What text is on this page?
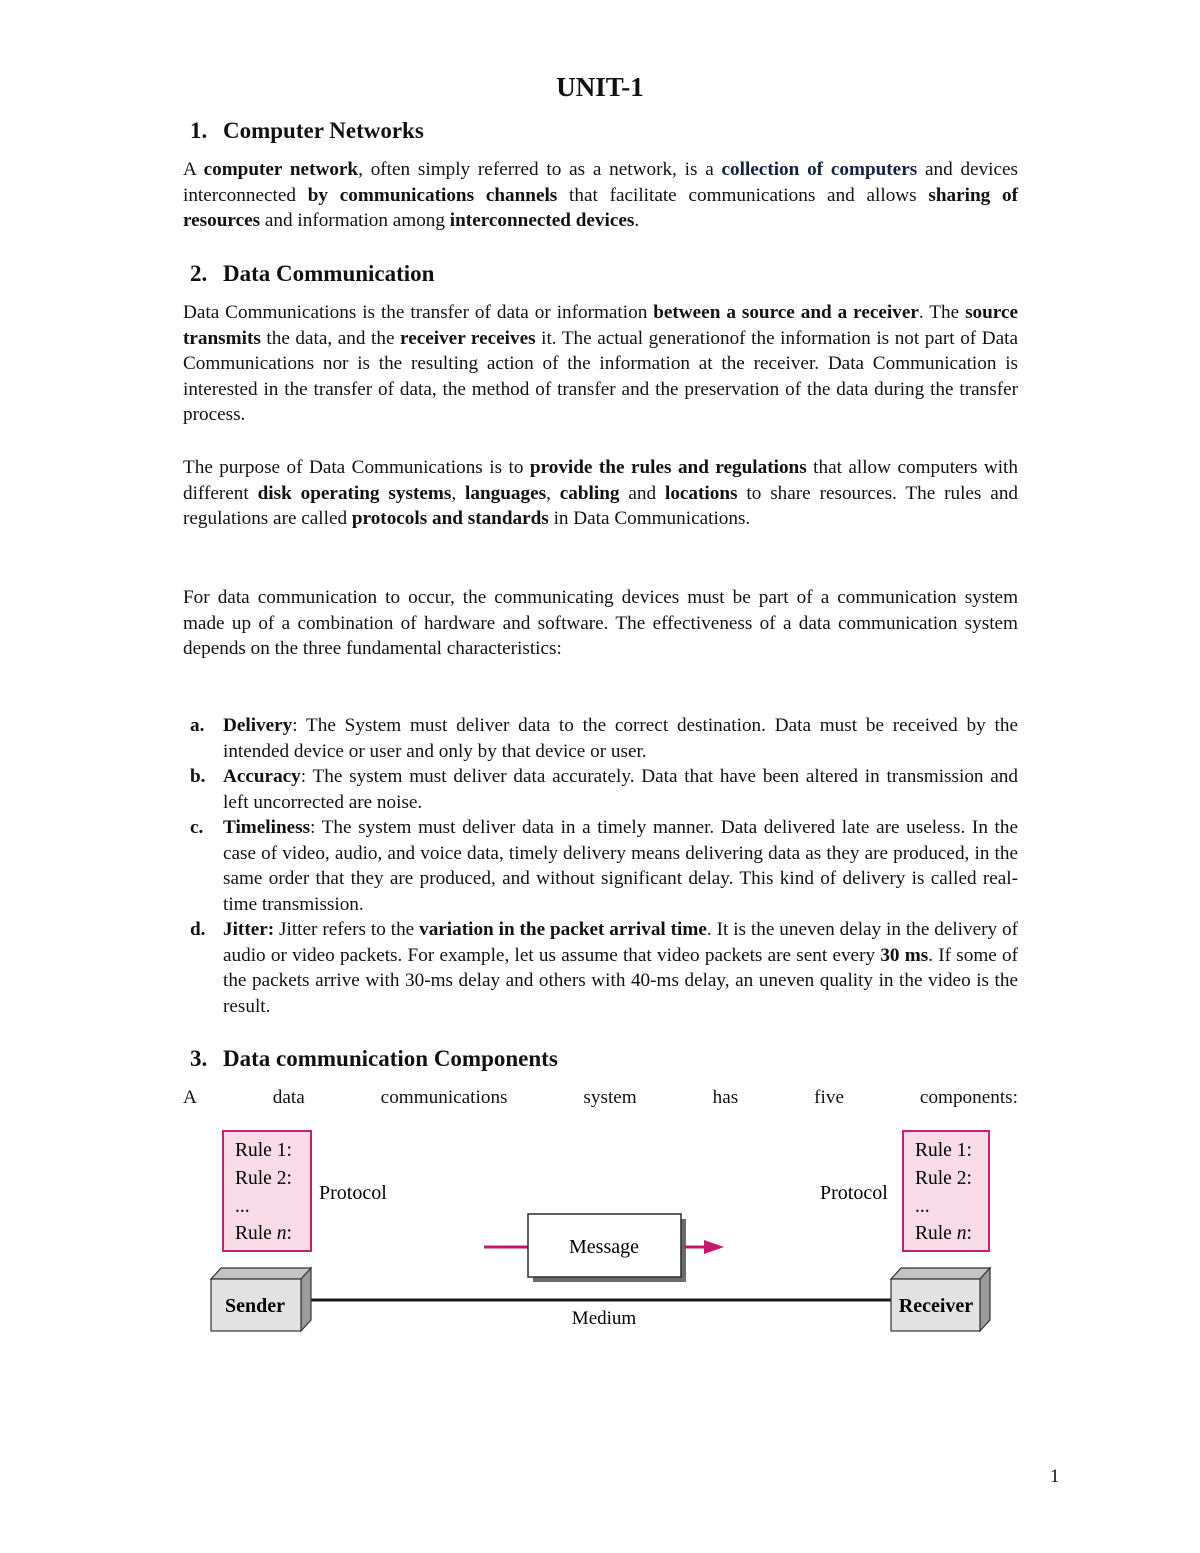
UNIT-1
1. Computer Networks
A computer network, often simply referred to as a network, is a collection of computers and devices interconnected by communications channels that facilitate communications and allows sharing of resources and information among interconnected devices.
2. Data Communication
Data Communications is the transfer of data or information between a source and a receiver. The source transmits the data, and the receiver receives it. The actual generationof the information is not part of Data Communications nor is the resulting action of the information at the receiver. Data Communication is interested in the transfer of data, the method of transfer and the preservation of the data during the transfer process.
The purpose of Data Communications is to provide the rules and regulations that allow computers with different disk operating systems, languages, cabling and locations to share resources. The rules and regulations are called protocols and standards in Data Communications.
For data communication to occur, the communicating devices must be part of a communication system made up of a combination of hardware and software. The effectiveness of a data communication system depends on the three fundamental characteristics:
a. Delivery: The System must deliver data to the correct destination. Data must be received by the intended device or user and only by that device or user.
b. Accuracy: The system must deliver data accurately. Data that have been altered in transmission and left uncorrected are noise.
c. Timeliness: The system must deliver data in a timely manner. Data delivered late are useless. In the case of video, audio, and voice data, timely delivery means delivering data as they are produced, in the same order that they are produced, and without significant delay. This kind of delivery is called real-time transmission.
d. Jitter: Jitter refers to the variation in the packet arrival time. It is the uneven delay in the delivery of audio or video packets. For example, let us assume that video packets are sent every 30 ms. If some of the packets arrive with 30-ms delay and others with 40-ms delay, an uneven quality in the video is the result.
3. Data communication Components
A	data	communications	system	has	five	components:
Rule 1:
Rule 2:
...
Rule n:
Protocol
Rule 1:
Rule 2:
...
Rule n:
Protocol
Message
Medium
Sender	Receiver
1
